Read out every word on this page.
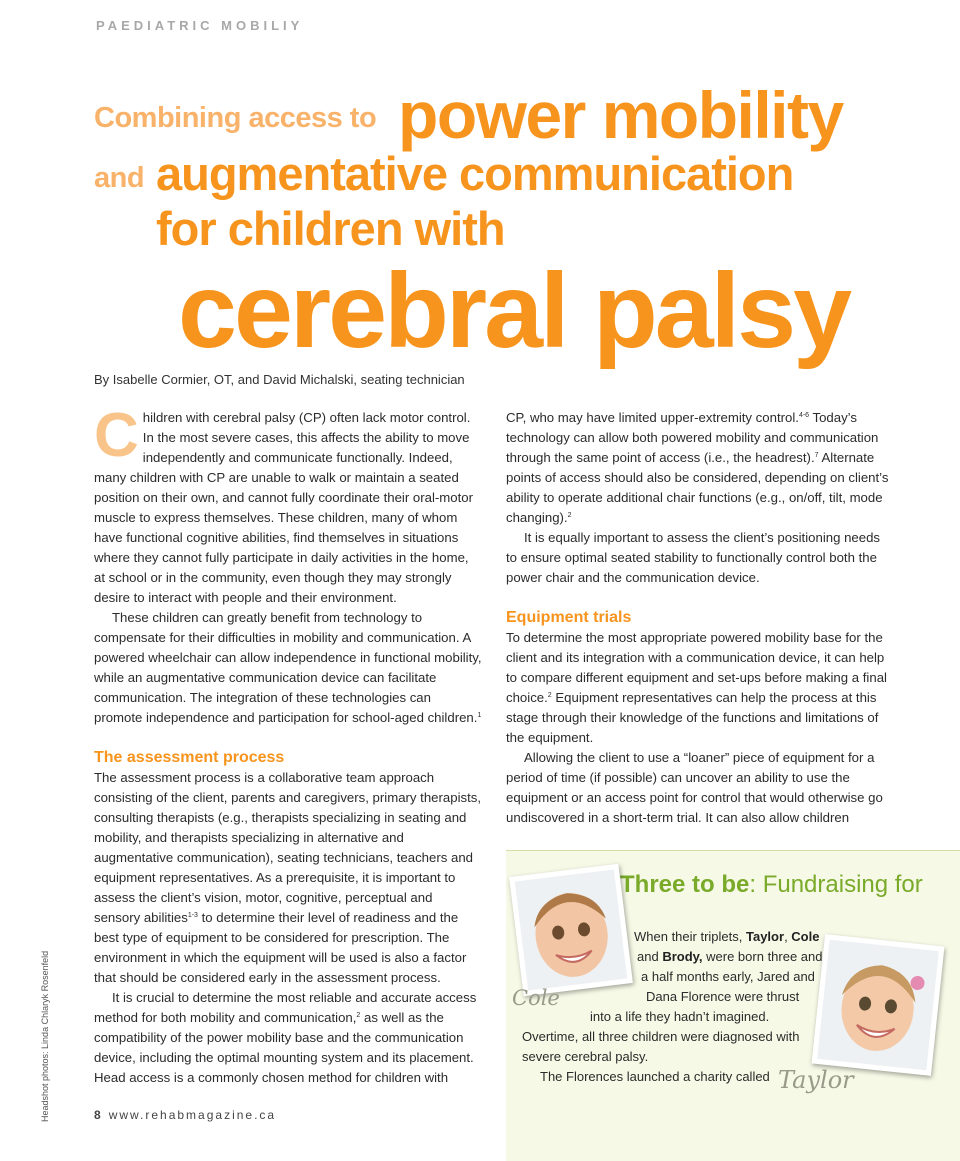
PAEDIATRIC MOBILIY
Combining access to power mobility
and augmentative communication
for children with
cerebral palsy
By Isabelle Cormier, OT, and David Michalski, seating technician

Children with cerebral palsy (CP) often lack motor control. In the most severe cases, this affects the ability to move independently and communicate functionally. Indeed, many children with CP are unable to walk or maintain a seated position on their own, and cannot fully coordinate their oral-motor muscle to express themselves. These children, many of whom have functional cognitive abilities, find themselves in situations where they cannot fully participate in daily activities in the home, at school or in the community, even though they may strongly desire to interact with people and their environment.

These children can greatly benefit from technology to compensate for their difficulties in mobility and communication. A powered wheelchair can allow independence in functional mobility, while an augmentative communication device can facilitate communication. The integration of these technologies can promote independence and participation for school-aged children.$^1$

The assessment process

The assessment process is a collaborative team approach consisting of the client, parents and caregivers, primary therapists, consulting therapists (e.g., therapists specializing in seating and mobility, and therapists specializing in alternative and augmentative communication), seating technicians, teachers and equipment representatives. As a prerequisite, it is important to assess the client’s vision, motor, cognitive, perceptual and sensory abilities$^{1-3}$ to determine their level of readiness and the best type of equipment to be considered for prescription. The environment in which the equipment will be used is also a factor that should be considered early in the assessment process.

It is crucial to determine the most reliable and accurate access method for both mobility and communication,$^2$ as well as the compatibility of the power mobility base and the communication device, including the optimal mounting system and its placement. Head access is a commonly chosen method for children with

CP, who may have limited upper-extremity control.$^{4-6}$ Today’s technology can allow both powered mobility and communication through the same point of access (i.e., the headrest).$^7$ Alternate points of access should also be considered, depending on client’s ability to operate additional chair functions (e.g., on/off, tilt, mode changing).$^2$

It is equally important to assess the client’s positioning needs to ensure optimal seated stability to functionally control both the power chair and the communication device.

Equipment trials

To determine the most appropriate powered mobility base for the client and its integration with a communication device, it can help to compare different equipment and set-ups before making a final choice.$^2$ Equipment representatives can help the process at this stage through their knowledge of the functions and limitations of the equipment.

Allowing the client to use a “loaner” piece of equipment for a period of time (if possible) can uncover an ability to use the equipment or an access point for control that would otherwise go undiscovered in a short-term trial. It can also allow children

Three to be: Fundraising for
When their triplets, Taylor, Cole
and Brody, were born three and
a half months early, Jared and
Dana Florence were thrust
into a life they hadn’t imagined.
Overtime, all three children were diagnosed with
severe cerebral palsy.
The Florences launched a charity called
Cole
Taylor
Headshot photos: Linda Chlaryk Rosenfeld	8 www.rehabmagazine.ca
